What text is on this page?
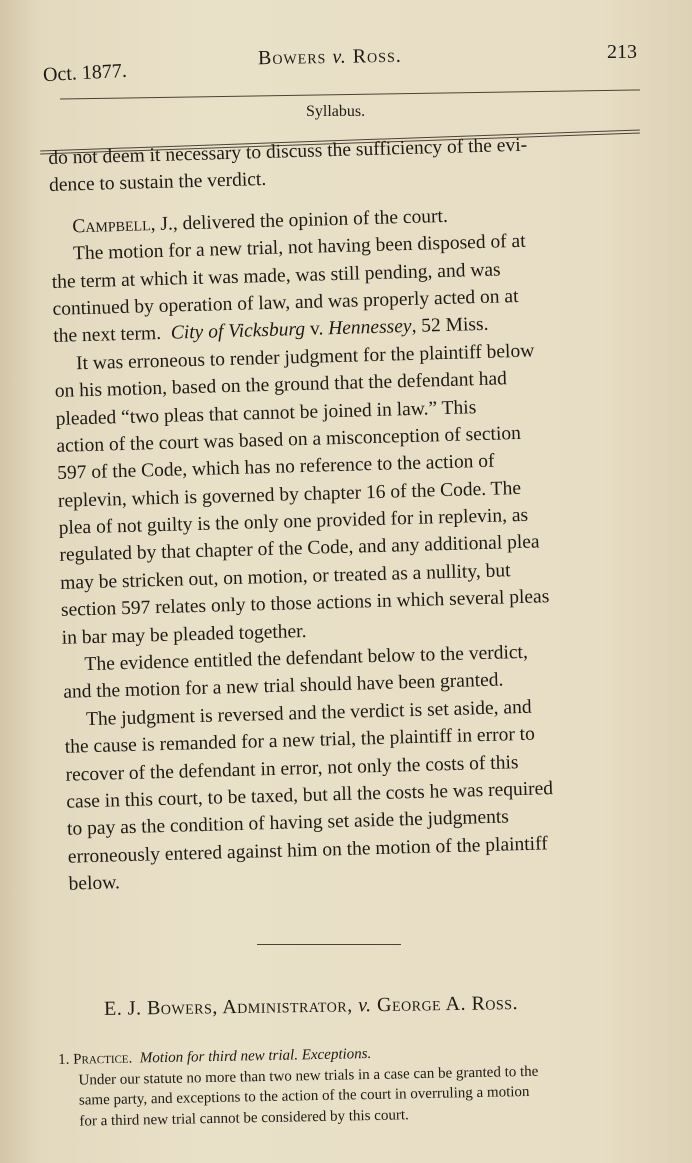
Oct. 1877.
Bowers v. Ross.	213
Syllabus.
do not deem it necessary to discuss the sufficiency of the evi-
dence to sustain the verdict.
Campbell, J., delivered the opinion of the court.
The motion for a new trial, not having been disposed of at
the term at which it was made, was still pending, and was
continued by operation of law, and was properly acted on at
the next term. City of Vicksburg v. Hennessey, 52 Miss.
It was erroneous to render judgment for the plaintiff below
on his motion, based on the ground that the defendant had
pleaded “two pleas that cannot be joined in law.” This
action of the court was based on a misconception of section
597 of the Code, which has no reference to the action of
replevin, which is governed by chapter 16 of the Code. The
plea of not guilty is the only one provided for in replevin, as
regulated by that chapter of the Code, and any additional plea
may be stricken out, on motion, or treated as a nullity, but
section 597 relates only to those actions in which several pleas
in bar may be pleaded together.
The evidence entitled the defendant below to the verdict,
and the motion for a new trial should have been granted.
The judgment is reversed and the verdict is set aside, and
the cause is remanded for a new trial, the plaintiff in error to
recover of the defendant in error, not only the costs of this
case in this court, to be taxed, but all the costs he was required
to pay as the condition of having set aside the judgments
erroneously entered against him on the motion of the plaintiff
below.
E. J. Bowers, Administrator, v. George A. Ross.
1. Practice. Motion for third new trial. Exceptions.
Under our statute no more than two new trials in a case can be granted to the
same party, and exceptions to the action of the court in overruling a motion
for a third new trial cannot be considered by this court.
